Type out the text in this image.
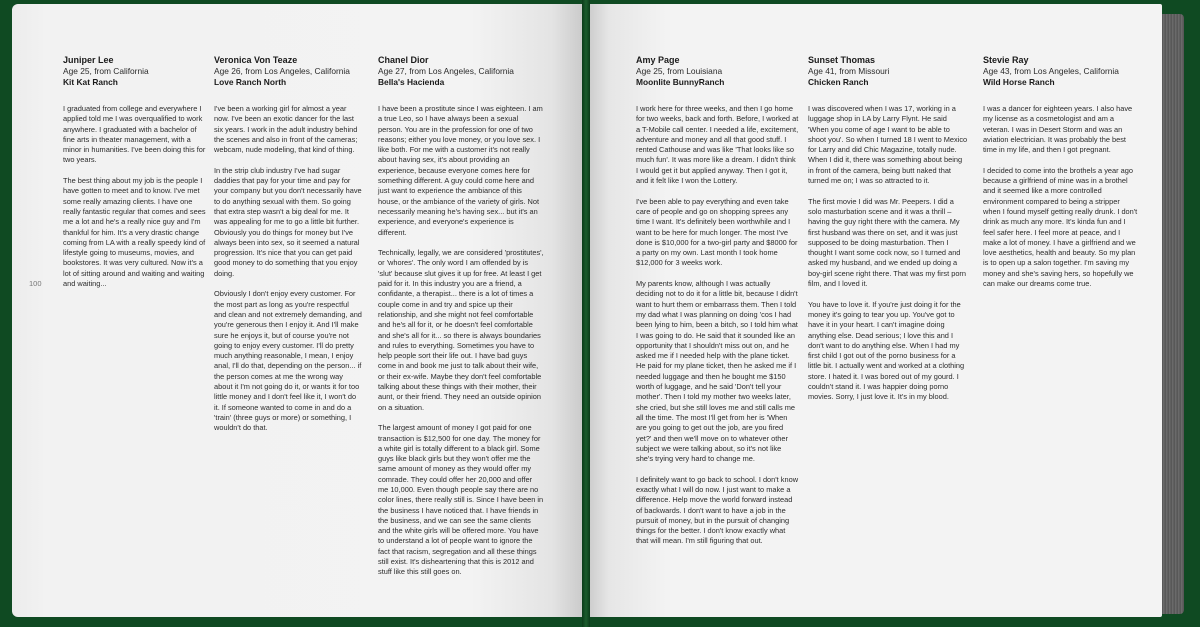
100
Juniper Lee
Age 25, from California
Kit Kat Ranch

I graduated from college and everywhere I applied told me I was overqualified to work anywhere. I graduated with a bachelor of fine arts in theater management, with a minor in humanities. I've been doing this for two years.

The best thing about my job is the people I have gotten to meet and to know. I've met some really amazing clients. I have one really fantastic regular that comes and sees me a lot and he's a really nice guy and I'm thankful for him. It's a very drastic change coming from LA with a really speedy kind of lifestyle going to museums, movies, and bookstores. It was very cultured. Now it's a lot of sitting around and waiting and waiting and waiting...

Veronica Von Teaze
Age 26, from Los Angeles, California
Love Ranch North

I've been a working girl for almost a year now. I've been an exotic dancer for the last six years. I work in the adult industry behind the scenes and also in front of the cameras; webcam, nude modeling, that kind of thing.

In the strip club industry I've had sugar daddies that pay for your time and pay for your company but you don't necessarily have to do anything sexual with them. So going that extra step wasn't a big deal for me. It was appealing for me to go a little bit further. Obviously you do things for money but I've always been into sex, so it seemed a natural progression. It's nice that you can get paid good money to do something that you enjoy doing.

Obviously I don't enjoy every customer. For the most part as long as you're respectful and clean and not extremely demanding, and you're generous then I enjoy it. And I'll make sure he enjoys it, but of course you're not going to enjoy every customer. I'll do pretty much anything reasonable, I mean, I enjoy anal, I'll do that, depending on the person... if the person comes at me the wrong way about it I'm not going do it, or wants it for too little money and I don't feel like it, I won't do it. If someone wanted to come in and do a 'train' (three guys or more) or something, I wouldn't do that.

Chanel Dior
Age 27, from Los Angeles, California
Bella's Hacienda

I have been a prostitute since I was eighteen. I am a true Leo, so I have always been a sexual person. You are in the profession for one of two reasons; either you love money, or you love sex. I like both. For me with a customer it's not really about having sex, it's about providing an experience, because everyone comes here for something different. A guy could come here and just want to experience the ambiance of this house, or the ambiance of the variety of girls. Not necessarily meaning he's having sex... but it's an experience, and everyone's experience is different.

Technically, legally, we are considered 'prostitutes', or 'whores'. The only word I am offended by is 'slut' because slut gives it up for free. At least I get paid for it. In this industry you are a friend, a confidante, a therapist... there is a lot of times a couple come in and try and spice up their relationship, and she might not feel comfortable and he's all for it, or he doesn't feel comfortable and she's all for it... so there is always boundaries and rules to everything. Sometimes you have to help people sort their life out. I have bad guys come in and book me just to talk about their wife, or their ex-wife. Maybe they don't feel comfortable talking about these things with their mother, their aunt, or their friend. They need an outside opinion on a situation.

The largest amount of money I got paid for one transaction is $12,500 for one day. The money for a white girl is totally different to a black girl. Some guys like black girls but they won't offer me the same amount of money as they would offer my comrade. They could offer her 20,000 and offer me 10,000. Even though people say there are no color lines, there really still is. Since I have been in the business I have noticed that. I have friends in the business, and we can see the same clients and the white girls will be offered more. You have to understand a lot of people want to ignore the fact that racism, segregation and all these things still exist. It's disheartening that this is 2012 and stuff like this still goes on.

Amy Page
Age 25, from Louisiana
Moonlite BunnyRanch

I work here for three weeks, and then I go home for two weeks, back and forth. Before, I worked at a T-Mobile call center. I needed a life, excitement, adventure and money and all that good stuff. I rented Cathouse and was like 'That looks like so much fun'. It was more like a dream. I didn't think I would get it but applied anyway. Then I got it, and it felt like I won the Lottery.

I've been able to pay everything and even take care of people and go on shopping sprees any time I want. It's definitely been worthwhile and I want to be here for much longer. The most I've done is $10,000 for a two-girl party and $8000 for a party on my own. Last month I took home $12,000 for 3 weeks work.

My parents know, although I was actually deciding not to do it for a little bit, because I didn't want to hurt them or embarrass them. Then I told my dad what I was planning on doing 'cos I had been lying to him, been a bitch, so I told him what I was going to do. He said that it sounded like an opportunity that I shouldn't miss out on, and he asked me if I needed help with the plane ticket. He paid for my plane ticket, then he asked me if I needed luggage and then he bought me $150 worth of luggage, and he said 'Don't tell your mother'. Then I told my mother two weeks later, she cried, but she still loves me and still calls me all the time. The most I'll get from her is 'When are you going to get out the job, are you fired yet?' and then we'll move on to whatever other subject we were talking about, so it's not like she's trying very hard to change me.

I definitely want to go back to school. I don't know exactly what I will do now. I just want to make a difference. Help move the world forward instead of backwards. I don't want to have a job in the pursuit of money, but in the pursuit of changing things for the better. I don't know exactly what that will mean. I'm still figuring that out.

Sunset Thomas
Age 41, from Missouri
Chicken Ranch

I was discovered when I was 17, working in a luggage shop in LA by Larry Flynt. He said 'When you come of age I want to be able to shoot you'. So when I turned 18 I went to Mexico for Larry and did Chic Magazine, totally nude. When I did it, there was something about being in front of the camera, being butt naked that turned me on; I was so attracted to it.

The first movie I did was Mr. Peepers. I did a solo masturbation scene and it was a thrill – having the guy right there with the camera. My first husband was there on set, and it was just supposed to be doing masturbation. Then I thought I want some cock now, so I turned and asked my husband, and we ended up doing a boy-girl scene right there. That was my first porn film, and I loved it.

You have to love it. If you're just doing it for the money it's going to tear you up. You've got to have it in your heart. I can't imagine doing anything else. Dead serious; I love this and I don't want to do anything else. When I had my first child I got out of the porno business for a little bit. I actually went and worked at a clothing store. I hated it. I was bored out of my gourd. I couldn't stand it. I was happier doing porno movies. Sorry, I just love it. It's in my blood.

Stevie Ray
Age 43, from Los Angeles, California
Wild Horse Ranch

I was a dancer for eighteen years. I also have my license as a cosmetologist and am a veteran. I was in Desert Storm and was an aviation electrician. It was probably the best time in my life, and then I got pregnant.

I decided to come into the brothels a year ago because a girlfriend of mine was in a brothel and it seemed like a more controlled environment compared to being a stripper when I found myself getting really drunk. I don't drink as much any more. It's kinda fun and I feel safer here. I feel more at peace, and I make a lot of money. I have a girlfriend and we love aesthetics, health and beauty. So my plan is to open up a salon together. I'm saving my money and she's saving hers, so hopefully we can make our dreams come true.
